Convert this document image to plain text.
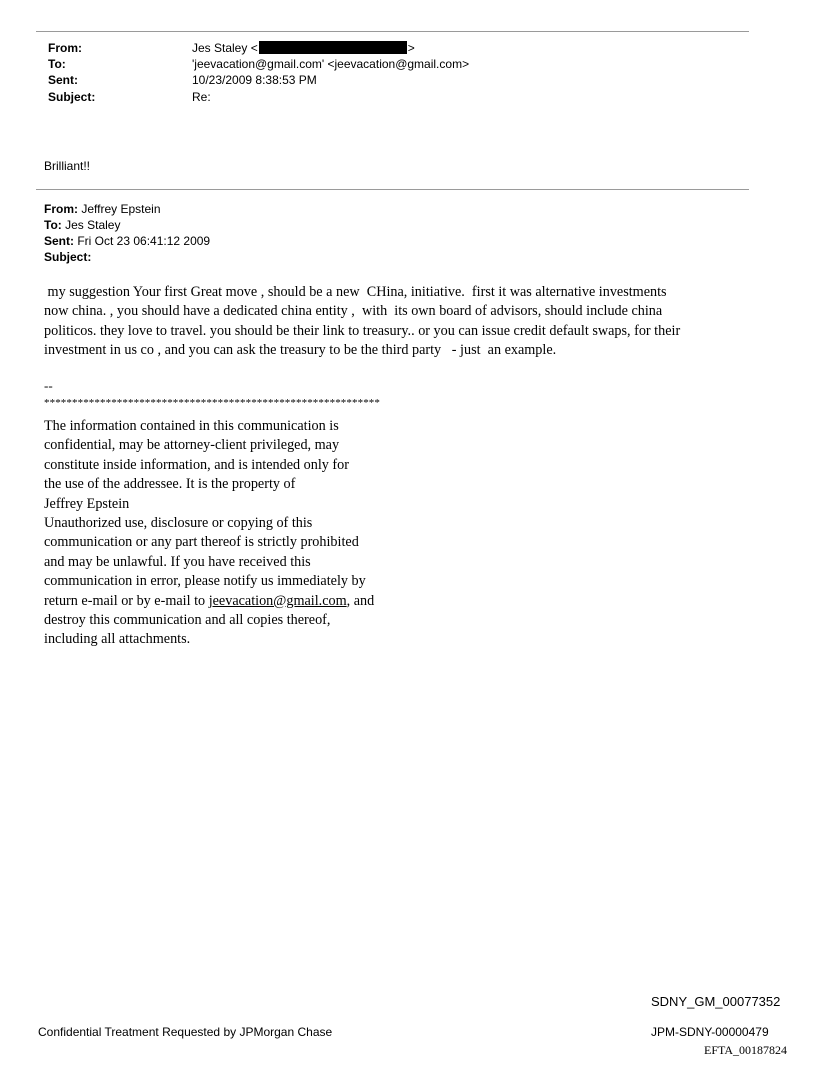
From:	Jes Staley <	>
To:	'jeevacation@gmail.com' <jeevacation@gmail.com>
Sent:	10/23/2009 8:38:53 PM
Subject:	Re:
Brilliant!!
From: Jeffrey Epstein
To: Jes Staley
Sent: Fri Oct 23 06:41:12 2009
Subject:
my suggestion Your first Great move , should be a new  CHina, initiative.  first it was alternative investments
now china. , you should have a dedicated china entity ,  with  its own board of advisors, should include china
politicos. they love to travel. you should be their link to treasury.. or you can issue credit default swaps, for their
investment in us co , and you can ask the treasury to be the third party   - just  an example.
--
************************************************************
The information contained in this communication is
confidential, may be attorney-client privileged, may
constitute inside information, and is intended only for
the use of the addressee. It is the property of
Jeffrey Epstein
Unauthorized use, disclosure or copying of this
communication or any part thereof is strictly prohibited
and may be unlawful. If you have received this
communication in error, please notify us immediately by
return e-mail or by e-mail to jeevacation@gmail.com, and
destroy this communication and all copies thereof,
including all attachments.
SDNY_GM_00077352
Confidential Treatment Requested by JPMorgan Chase	JPM-SDNY-00000479
EFTA_00187824
